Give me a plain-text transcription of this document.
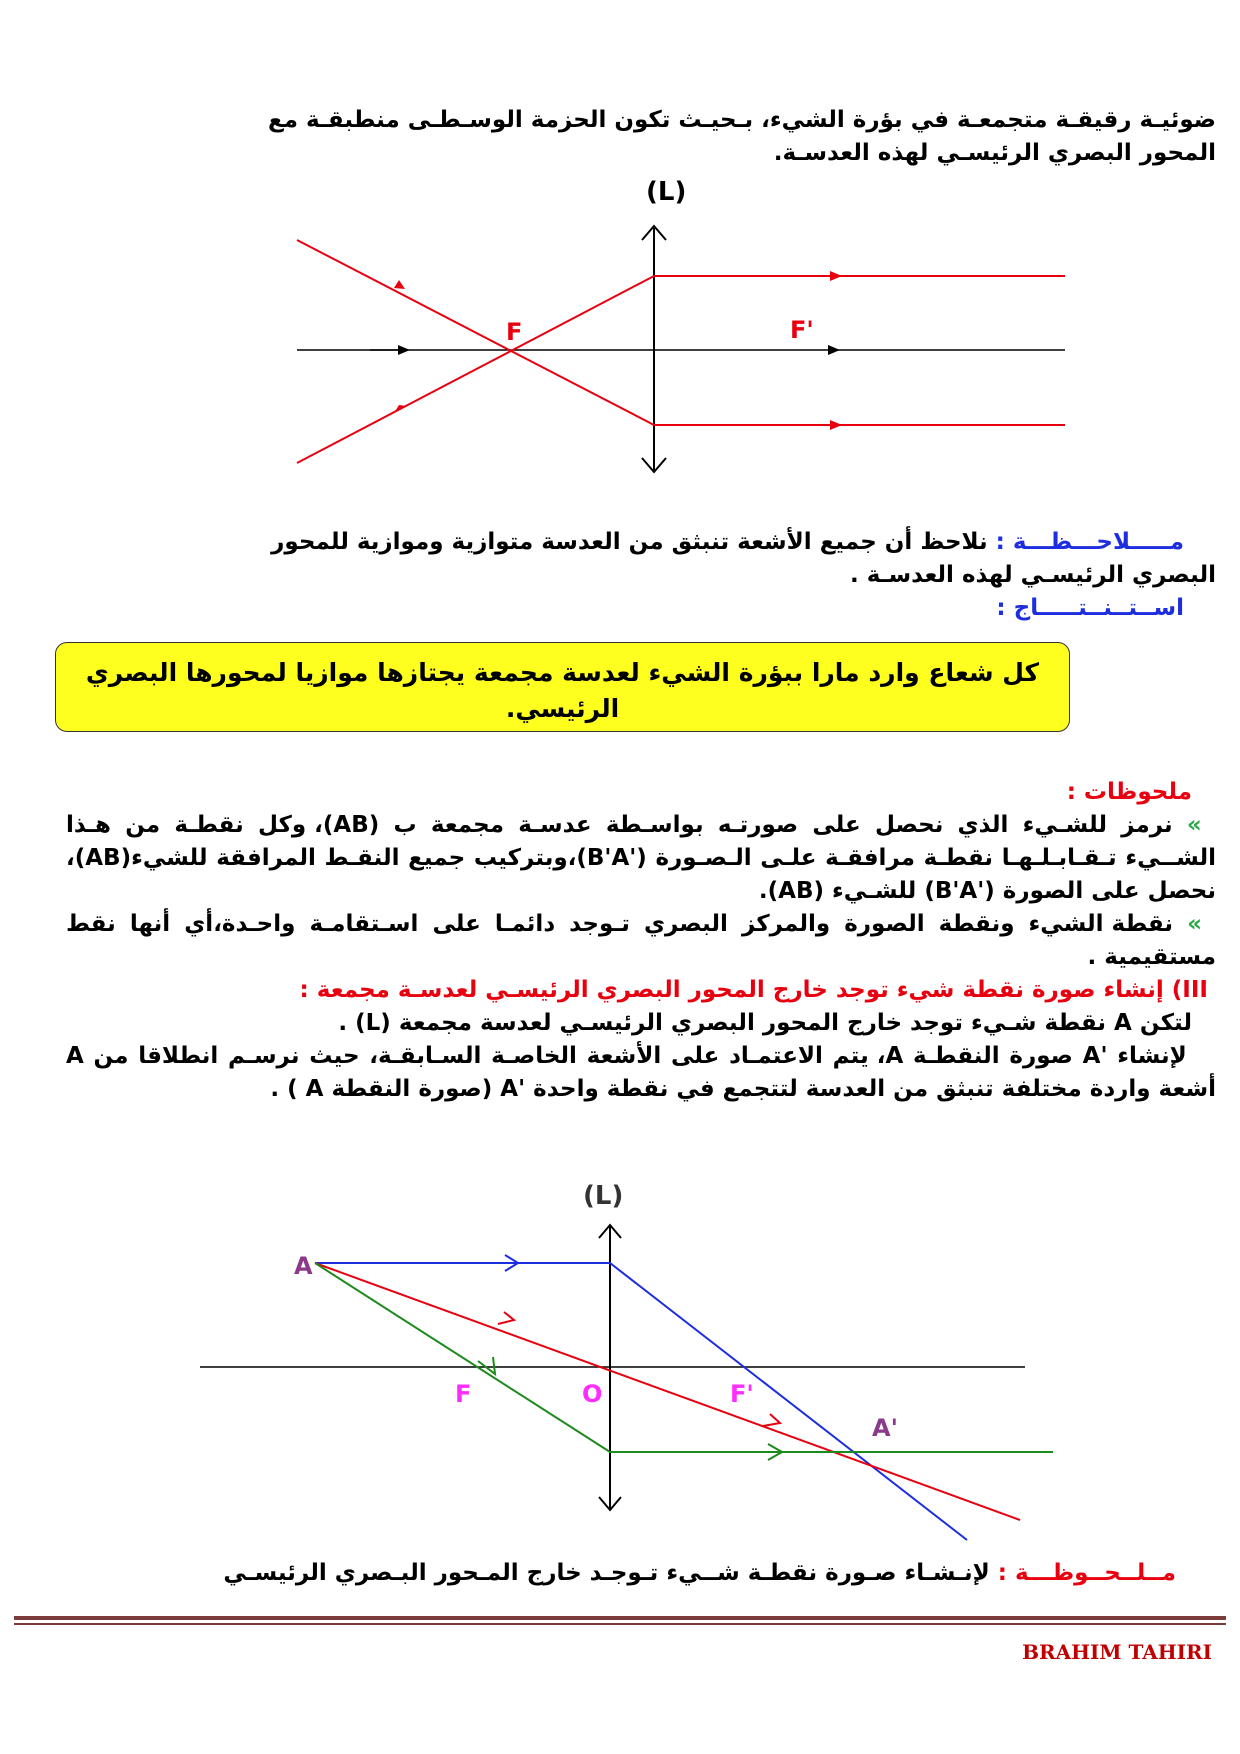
ضوئيـة رقيقـة متجمعـة في بؤرة الشيء، بـحيـث تكون الحزمة الوسـطـى منطبقـة مع
المحور البصري الرئيسـي لهذه العدسـة.

(L)
F	F'

مـــــلاحـــظـــة : نلاحظ أن جميع الأشعة تنبثق من العدسة متوازية وموازية للمحور
البصري الرئيسـي لهذه العدسـة .
اســتــنــتـــــاج :

كل شعاع وارد مارا ببؤرة الشيء لعدسة مجمعة يجتازها موازيا لمحورها البصري الرئيسي.

ملحوظات :
» نرمز للشـيء الذي نحصل على صورتـه بواسـطة عدسـة مجمعة ب (AB)، وكل نقطـة من هـذا الشــيء تـقـابـلـهـا نقطـة مرافقـة علـى الـصـورة ('B'A)،وبتركيب جميع النقـط المرافقة للشيء(AB)، نحصل على الصورة ('B'A) للشـيء (AB).
» نقطة الشيء ونقطة الصورة والمركز البصري تـوجد دائمـا على اسـتقامـة واحـدة،أي أنها نقط مستقيمية .
III) إنشاء صورة نقطة شيء توجد خارج المحور البصري الرئيسـي لعدسـة مجمعة :
لتكن A نقطة شـيء توجد خارج المحور البصري الرئيسـي لعدسة مجمعة (L) .
لإنشاء 'A صورة النقطـة A، يتم الاعتمـاد على الأشعة الخاصـة السـابقـة، حيث نرسـم انطلاقا من A أشعة واردة مختلفة تنبثق من العدسة لتتجمع في نقطة واحدة 'A (صورة النقطة A ) .

(L)
A
F	O	F'
A'

مــلــحــوظـــة : لإنـشـاء صـورة نقطـة شــيء تـوجـد خارج المـحور البـصري الرئيسـي

BRAHIM TAHIRI
